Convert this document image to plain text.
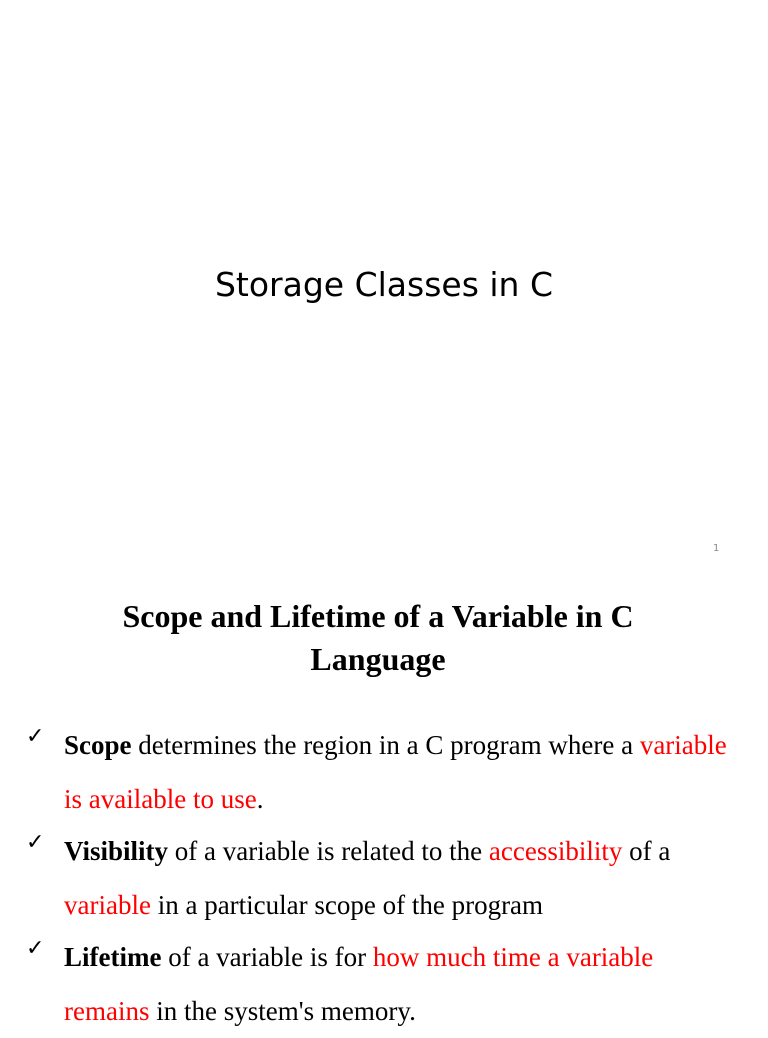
Storage Classes in C
1
Scope and Lifetime of a Variable in C Language
✓ Scope determines the region in a C program where a variable is available to use.
✓ Visibility of a variable is related to the accessibility of a variable in a particular scope of the program
✓ Lifetime of a variable is for how much time a variable remains in the system's memory.
